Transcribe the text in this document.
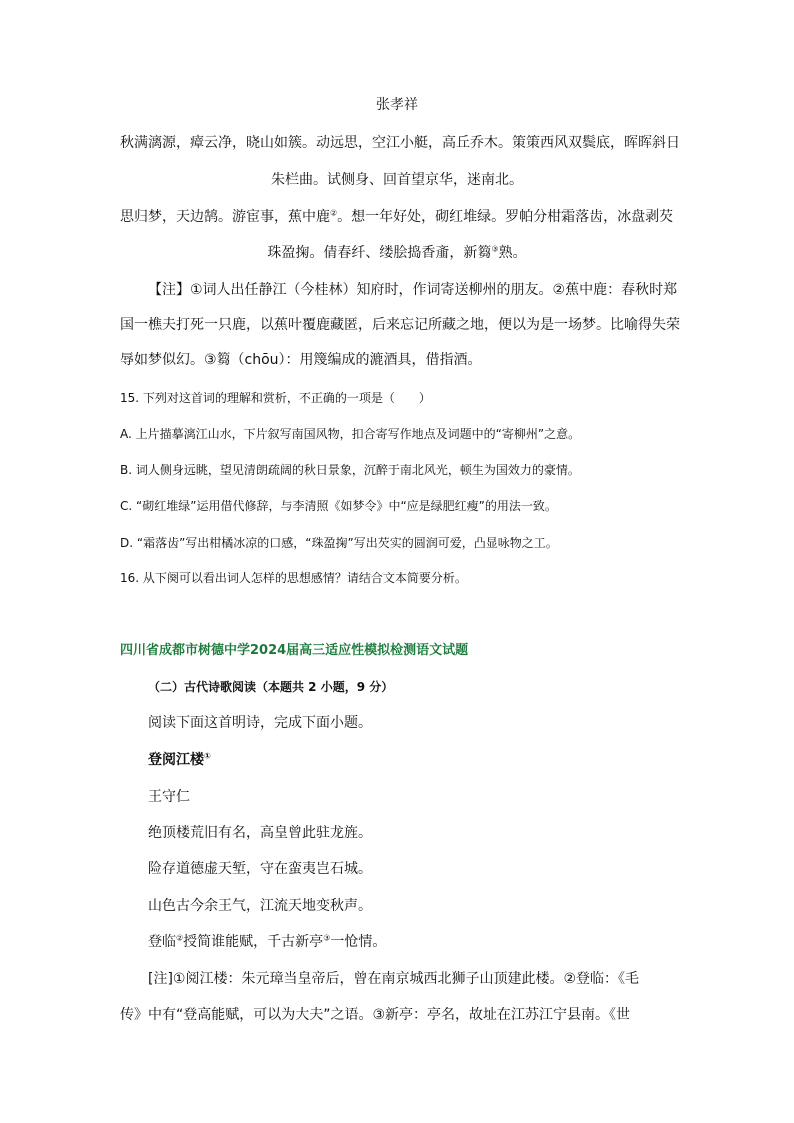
张孝祥
秋满漓源，瘴云净，晓山如簇。动远思，空江小艇，高丘乔木。策策西风双鬓底，晖晖斜日
朱栏曲。试侧身、回首望京华，迷南北。
思归梦，天边鹄。游宦事，蕉中鹿②。想一年好处，砌红堆绿。罗帕分柑霜落齿，冰盘剥芡
珠盈掬。倩春纤、缕脍捣香齑，新篘③熟。
【注】①词人出任静江（今桂林）知府时，作词寄送柳州的朋友。②蕉中鹿：春秋时郑
国一樵夫打死一只鹿，以蕉叶覆鹿藏匿，后来忘记所藏之地，便以为是一场梦。比喻得失荣
辱如梦似幻。③篘（chōu）：用篾编成的漉酒具，借指酒。
15. 下列对这首词的理解和赏析，不正确的一项是（　　）
A. 上片描摹漓江山水，下片叙写南国风物，扣合寄写作地点及词题中的“寄柳州”之意。
B. 词人侧身远眺，望见清朗疏阔的秋日景象，沉醉于南北风光，顿生为国效力的豪情。
C. “砌红堆绿”运用借代修辞，与李清照《如梦令》中“应是绿肥红瘦”的用法一致。
D. “霜落齿”写出柑橘冰凉的口感，“珠盈掬”写出芡实的圆润可爱，凸显咏物之工。
16. 从下阕可以看出词人怎样的思想感情？请结合文本简要分析。
四川省成都市树德中学2024届高三适应性模拟检测语文试题
（二）古代诗歌阅读（本题共 2 小题，9 分）
阅读下面这首明诗，完成下面小题。
登阅江楼①
王守仁
绝顶楼荒旧有名，高皇曾此驻龙旌。
险存道德虚天堑，守在蛮夷岂石城。
山色古今余王气，江流天地变秋声。
登临②授简谁能赋，千古新亭③一怆情。
[注]①阅江楼：朱元璋当皇帝后，曾在南京城西北狮子山顶建此楼。②登临：《毛
传》中有“登高能赋，可以为大夫”之语。③新亭：亭名，故址在江苏江宁县南。《世
